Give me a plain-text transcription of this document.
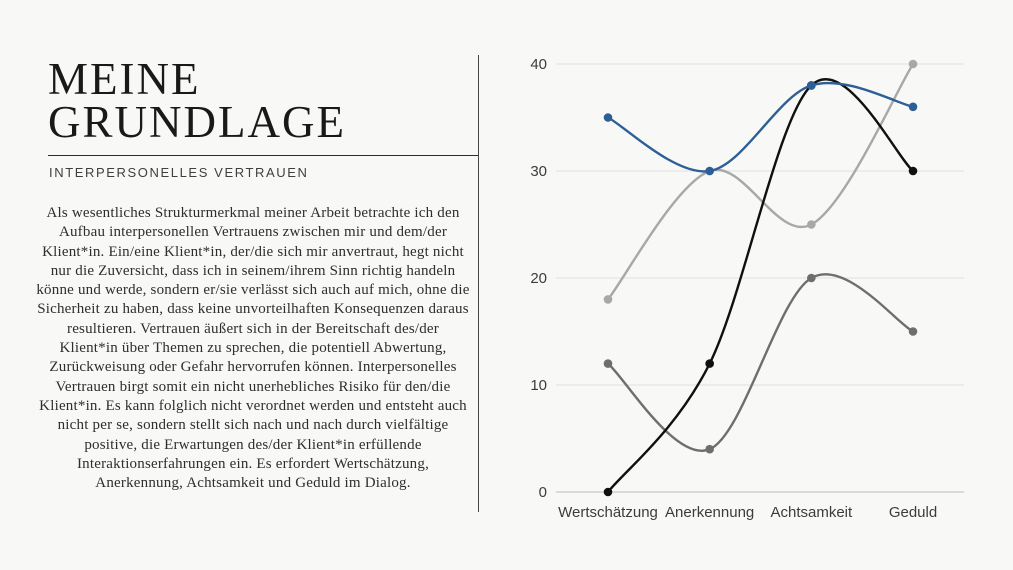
MEINE
GRUNDLAGE
INTERPERSONELLES VERTRAUEN

Als wesentliches Strukturmerkmal meiner Arbeit betrachte ich den Aufbau interpersonellen Vertrauens zwischen mir und dem/der Klient*in. Ein/eine Klient*in, der/die sich mir anvertraut, hegt nicht nur die Zuversicht, dass ich in seinem/ihrem Sinn richtig handeln könne und werde, sondern er/sie verlässt sich auch auf mich, ohne die Sicherheit zu haben, dass keine unvorteilhaften Konsequenzen daraus resultieren. Vertrauen äußert sich in der Bereitschaft des/der Klient*in über Themen zu sprechen, die potentiell Abwertung, Zurückweisung oder Gefahr hervorrufen können. Interpersonelles Vertrauen birgt somit ein nicht unerhebliches Risiko für den/die Klient*in. Es kann folglich nicht verordnet werden und entsteht auch nicht per se, sondern stellt sich nach und nach durch vielfältige positive, die Erwartungen des/der Klient*in erfüllende Interaktionserfahrungen ein. Es erfordert Wertschätzung, Anerkennung, Achtsamkeit und Geduld im Dialog.

0
10
20
30
40
Wertschätzung Anerkennung Achtsamkeit Geduld
